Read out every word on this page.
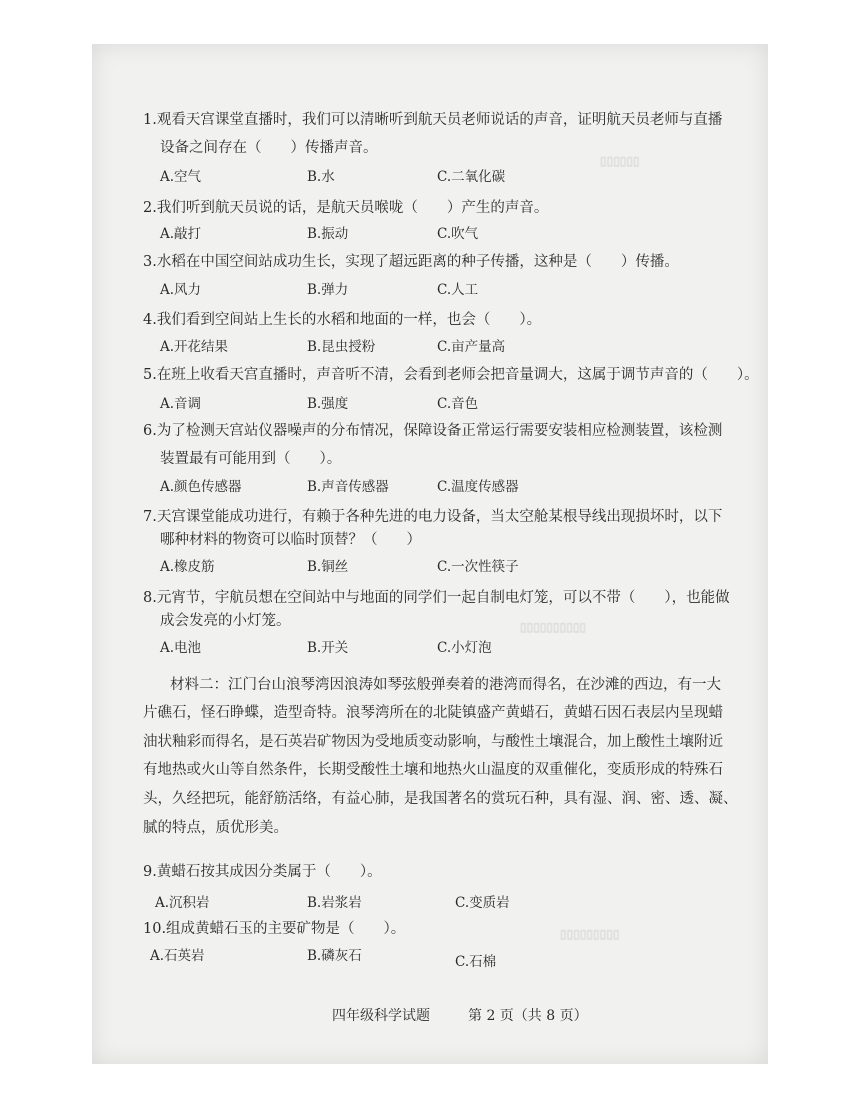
▯▯▯▯▯▯
▯▯▯▯▯▯▯▯▯▯
▯▯▯▯▯▯▯▯▯
1.观看天宫课堂直播时，我们可以清晰听到航天员老师说话的声音，证明航天员老师与直播
设备之间存在（　　）传播声音。
A.空气	B.水	C.二氧化碳
2.我们听到航天员说的话，是航天员喉咙（　　）产生的声音。
A.敲打	B.振动	C.吹气
3.水稻在中国空间站成功生长，实现了超远距离的种子传播，这种是（　　）传播。
A.风力	B.弹力	C.人工
4.我们看到空间站上生长的水稻和地面的一样，也会（　　）。
A.开花结果	B.昆虫授粉	C.亩产量高
5.在班上收看天宫直播时，声音听不清，会看到老师会把音量调大，这属于调节声音的（　　）。
A.音调	B.强度	C.音色
6.为了检测天宫站仪器噪声的分布情况，保障设备正常运行需要安装相应检测装置，该检测
装置最有可能用到（　　）。
A.颜色传感器	B.声音传感器	C.温度传感器
7.天宫课堂能成功进行，有赖于各种先进的电力设备，当太空舱某根导线出现损坏时，以下
哪种材料的物资可以临时顶替？（　　）
A.橡皮筋	B.铜丝	C.一次性筷子
8.元宵节，宇航员想在空间站中与地面的同学们一起自制电灯笼，可以不带（　　），也能做
成会发亮的小灯笼。
A.电池	B.开关	C.小灯泡
材料二：江门台山浪琴湾因浪涛如琴弦般弹奏着的港湾而得名，在沙滩的西边，有一大
片礁石，怪石睁蝶，造型奇特。浪琴湾所在的北陡镇盛产黄蜡石，黄蜡石因石表层内呈现蜡
油状釉彩而得名，是石英岩矿物因为受地质变动影响，与酸性土壤混合，加上酸性土壤附近
有地热或火山等自然条件，长期受酸性土壤和地热火山温度的双重催化，变质形成的特殊石
头，久经把玩，能舒筋活络，有益心肺，是我国著名的赏玩石种，具有湿、润、密、透、凝、
腻的特点，质优形美。
9.黄蜡石按其成因分类属于（　　）。
A.沉积岩	B.岩浆岩	C.变质岩
10.组成黄蜡石玉的主要矿物是（　　）。
A.石英岩	B.磷灰石	C.石棉
四年级科学试题	第 2 页（共 8 页）
